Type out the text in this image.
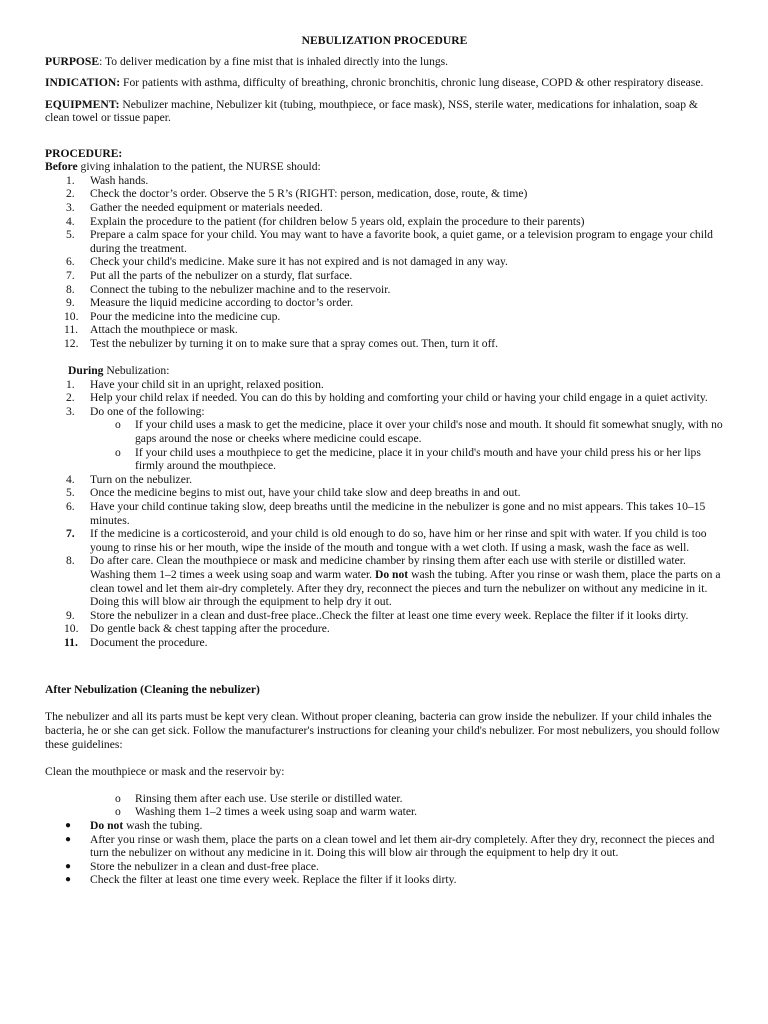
NEBULIZATION PROCEDURE

PURPOSE: To deliver medication by a fine mist that is inhaled directly into the lungs.

INDICATION: For patients with asthma, difficulty of breathing, chronic bronchitis, chronic lung disease, COPD & other respiratory disease.

EQUIPMENT: Nebulizer machine, Nebulizer kit (tubing, mouthpiece, or face mask), NSS, sterile water, medications for inhalation, soap & clean towel or tissue paper.

PROCEDURE:

Before giving inhalation to the patient, the NURSE should:

1.	Wash hands.
2.	Check the doctor’s order. Observe the 5 R’s (RIGHT: person, medication, dose, route, & time)
3.	Gather the needed equipment or materials needed.
4.	Explain the procedure to the patient (for children below 5 years old, explain the procedure to their parents)
5.	Prepare a calm space for your child. You may want to have a favorite book, a quiet game, or a television program to engage your child during the treatment.
6.	Check your child's medicine. Make sure it has not expired and is not damaged in any way.
7.	Put all the parts of the nebulizer on a sturdy, flat surface.
8.	Connect the tubing to the nebulizer machine and to the reservoir.
9.	Measure the liquid medicine according to doctor’s order.
10. Pour the medicine into the medicine cup.
11.	Attach the mouthpiece or mask.
12. Test the nebulizer by turning it on to make sure that a spray comes out. Then, turn it off.

During Nebulization:

1.	Have your child sit in an upright, relaxed position.
2.	Help your child relax if needed. You can do this by holding and comforting your child or having your child engage in a quiet activity.
3.	Do one of the following:
o If your child uses a mask to get the medicine, place it over your child's nose and mouth. It should fit somewhat snugly, with no gaps around the nose or cheeks where medicine could escape.
o If your child uses a mouthpiece to get the medicine, place it in your child's mouth and have your child press his or her lips firmly around the mouthpiece.
4.	Turn on the nebulizer.
5.	Once the medicine begins to mist out, have your child take slow and deep breaths in and out.
6.	Have your child continue taking slow, deep breaths until the medicine in the nebulizer is gone and no mist appears. This takes 10–15 minutes.
7.	If the medicine is a corticosteroid, and your child is old enough to do so, have him or her rinse and spit with water. If you child is too young to rinse his or her mouth, wipe the inside of the mouth and tongue with a wet cloth. If using a mask, wash the face as well.
8.	Do after care. Clean the mouthpiece or mask and medicine chamber by rinsing them after each use with sterile or distilled water. Washing them 1–2 times a week using soap and warm water. Do not wash the tubing. After you rinse or wash them, place the parts on a clean towel and let them air-dry completely. After they dry, reconnect the pieces and turn the nebulizer on without any medicine in it. Doing this will blow air through the equipment to help dry it out.
9.	Store the nebulizer in a clean and dust-free place..Check the filter at least one time every week. Replace the filter if it looks dirty.
10. Do gentle back & chest tapping after the procedure.
11.	Document the procedure.

After Nebulization (Cleaning the nebulizer)

The nebulizer and all its parts must be kept very clean. Without proper cleaning, bacteria can grow inside the nebulizer. If your child inhales the bacteria, he or she can get sick. Follow the manufacturer's instructions for cleaning your child's nebulizer. For most nebulizers, you should follow these guidelines:

Clean the mouthpiece or mask and the reservoir by:

o Rinsing them after each use. Use sterile or distilled water.
o Washing them 1–2 times a week using soap and warm water.
● Do not wash the tubing.
● After you rinse or wash them, place the parts on a clean towel and let them air-dry completely. After they dry, reconnect the pieces and turn the nebulizer on without any medicine in it. Doing this will blow air through the equipment to help dry it out.
● Store the nebulizer in a clean and dust-free place.
● Check the filter at least one time every week. Replace the filter if it looks dirty.
